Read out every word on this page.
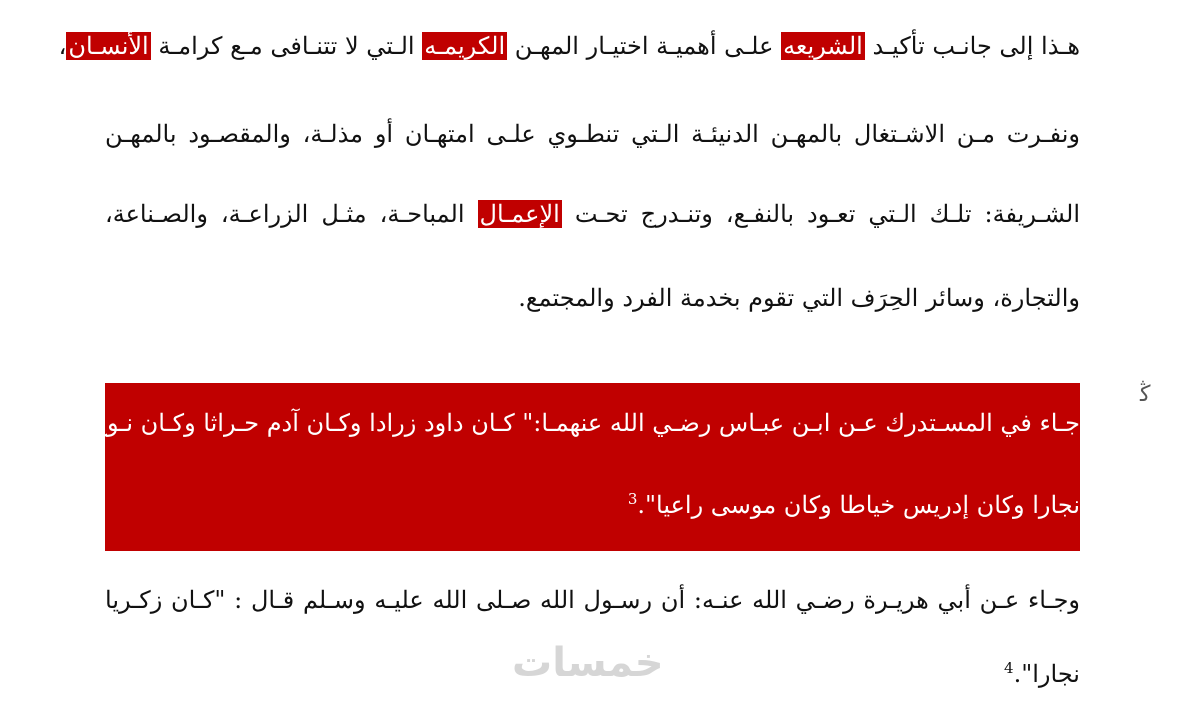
هـذا إلى جانـب تأكيـد الشريعه علـى أهميـة اختيـار المهـن الكريمـه الـتي لا تتنـافى مـع كرامـة الأنسـان،
ونفـرت مـن الاشـتغال بالمهـن الدنيئـة الـتي تنطـوي علـى امتهـان أو مذلـة، والمقصـود بالمهـن
الشـريفة: تلـك الـتي تعـود بالنفـع، وتنـدرج تحـت الإعمـال المباحـة، مثـل الزراعـة، والصـناعة،
والتجارة، وسائر الحِرَف التي تقوم بخدمة الفرد والمجتمع.
جـاء في المسـتدرك عـن ابـن عبـاس رضـي الله عنهمـا:" كـان داود زرادا وكـان آدم حـراثا وكـان نـوح
نجارا وكان إدريس خياطا وكان موسى راعيا".$^3$
وجـاء عـن أبي هريـرة رضـي الله عنـه: أن رسـول الله صـلى الله عليـه وسـلم قـال : "كـان زكـريا
نجارا".$^4$
ﯕ
خمسات
